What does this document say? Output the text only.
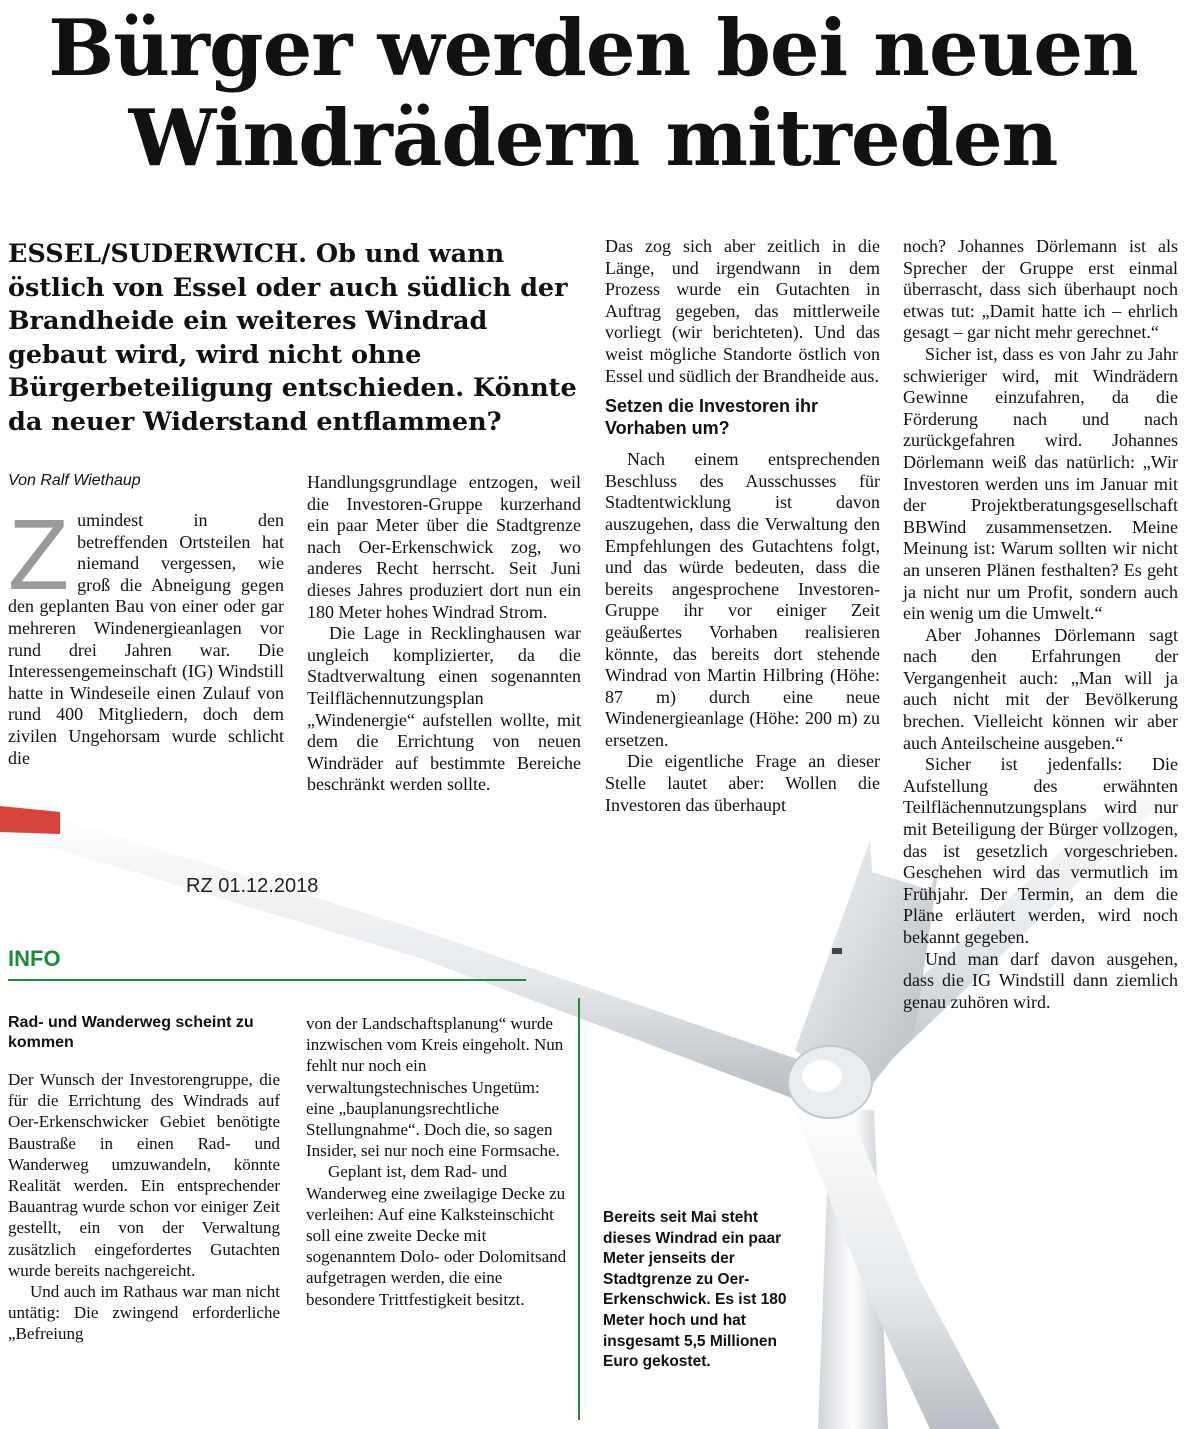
Bürger werden bei neuen
Windrädern mitreden

ESSEL/SUDERWICH. Ob und wann östlich von Essel oder auch südlich der Brandheide ein weiteres Windrad gebaut wird, wird nicht ohne Bürgerbeteiligung entschieden. Könnte da neuer Widerstand entflammen?

Von Ralf Wiethaup
Z umindest in den betreffenden Ortsteilen hat niemand vergessen, wie groß die Abneigung gegen den geplanten Bau von einer oder gar mehreren Windenergieanlagen vor rund drei Jahren war. Die Interessengemeinschaft (IG) Windstill hatte in Windeseile einen Zulauf von rund 400 Mitgliedern, doch dem zivilen Ungehorsam wurde schlicht die

Handlungsgrundlage entzogen, weil die Investoren-Gruppe kurzerhand ein paar Meter über die Stadtgrenze nach Oer-Erkenschwick zog, wo anderes Recht herrscht. Seit Juni dieses Jahres produziert dort nun ein 180 Meter hohes Windrad Strom.

Die Lage in Recklinghausen war ungleich komplizierter, da die Stadtverwaltung einen sogenannten Teilflächennutzungsplan „Windenergie“ aufstellen wollte, mit dem die Errichtung von neuen Windräder auf bestimmte Bereiche beschränkt werden sollte.

Das zog sich aber zeitlich in die Länge, und irgendwann in dem Prozess wurde ein Gutachten in Auftrag gegeben, das mittlerweile vorliegt (wir berichteten). Und das weist mögliche Standorte östlich von Essel und südlich der Brandheide aus.

Setzen die Investoren ihr Vorhaben um?

Nach einem entsprechenden Beschluss des Ausschusses für Stadtentwicklung ist davon auszugehen, dass die Verwaltung den Empfehlungen des Gutachtens folgt, und das würde bedeuten, dass die bereits angesprochene Investoren-Gruppe ihr vor einiger Zeit geäußertes Vorhaben realisieren könnte, das bereits dort stehende Windrad von Martin Hilbring (Höhe: 87 m) durch eine neue Windenergieanlage (Höhe: 200 m) zu ersetzen.

Die eigentliche Frage an dieser Stelle lautet aber: Wollen die Investoren das überhaupt

noch? Johannes Dörlemann ist als Sprecher der Gruppe erst einmal überrascht, dass sich überhaupt noch etwas tut: „Damit hatte ich – ehrlich gesagt – gar nicht mehr gerechnet.“

Sicher ist, dass es von Jahr zu Jahr schwieriger wird, mit Windrädern Gewinne einzufahren, da die Förderung nach und nach zurückgefahren wird. Johannes Dörlemann weiß das natürlich: „Wir Investoren werden uns im Januar mit der Projektberatungsgesellschaft BBWind zusammensetzen. Meine Meinung ist: Warum sollten wir nicht an unseren Plänen festhalten? Es geht ja nicht nur um Profit, sondern auch ein wenig um die Umwelt.“

Aber Johannes Dörlemann sagt nach den Erfahrungen der Vergangenheit auch: „Man will ja auch nicht mit der Bevölkerung brechen. Vielleicht können wir aber auch Anteilscheine ausgeben.“

Sicher ist jedenfalls: Die Aufstellung des erwähnten Teilflächennutzungsplans wird nur mit Beteiligung der Bürger vollzogen, das ist gesetzlich vorgeschrieben. Geschehen wird das vermutlich im Frühjahr. Der Termin, an dem die Pläne erläutert werden, wird noch bekannt gegeben.

Und man darf davon ausgehen, dass die IG Windstill dann ziemlich genau zuhören wird.

RZ 01.12.2018
INFO
Rad- und Wanderweg scheint zu kommen

Der Wunsch der Investorengruppe, die für die Errichtung des Windrads auf Oer-Erkenschwicker Gebiet benötigte Baustraße in einen Rad- und Wanderweg umzuwandeln, könnte Realität werden. Ein entsprechender Bauantrag wurde schon vor einiger Zeit gestellt, ein von der Verwaltung zusätzlich eingefordertes Gutachten wurde bereits nachgereicht.

Und auch im Rathaus war man nicht untätig: Die zwingend erforderliche „Befreiung

von der Landschaftsplanung“ wurde inzwischen vom Kreis eingeholt. Nun fehlt nur noch ein verwaltungstechnisches Ungetüm: eine „bauplanungsrechtliche Stellungnahme“. Doch die, so sagen Insider, sei nur noch eine Formsache.

Geplant ist, dem Rad- und Wanderweg eine zweilagige Decke zu verleihen: Auf eine Kalksteinschicht soll eine zweite Decke mit sogenanntem Dolo- oder Dolomitsand aufgetragen werden, die eine besondere Trittfestigkeit besitzt.

Bereits seit Mai steht dieses Windrad ein paar Meter jenseits der Stadtgrenze zu Oer-Erkenschwick. Es ist 180 Meter hoch und hat insgesamt 5,5 Millionen Euro gekostet.
